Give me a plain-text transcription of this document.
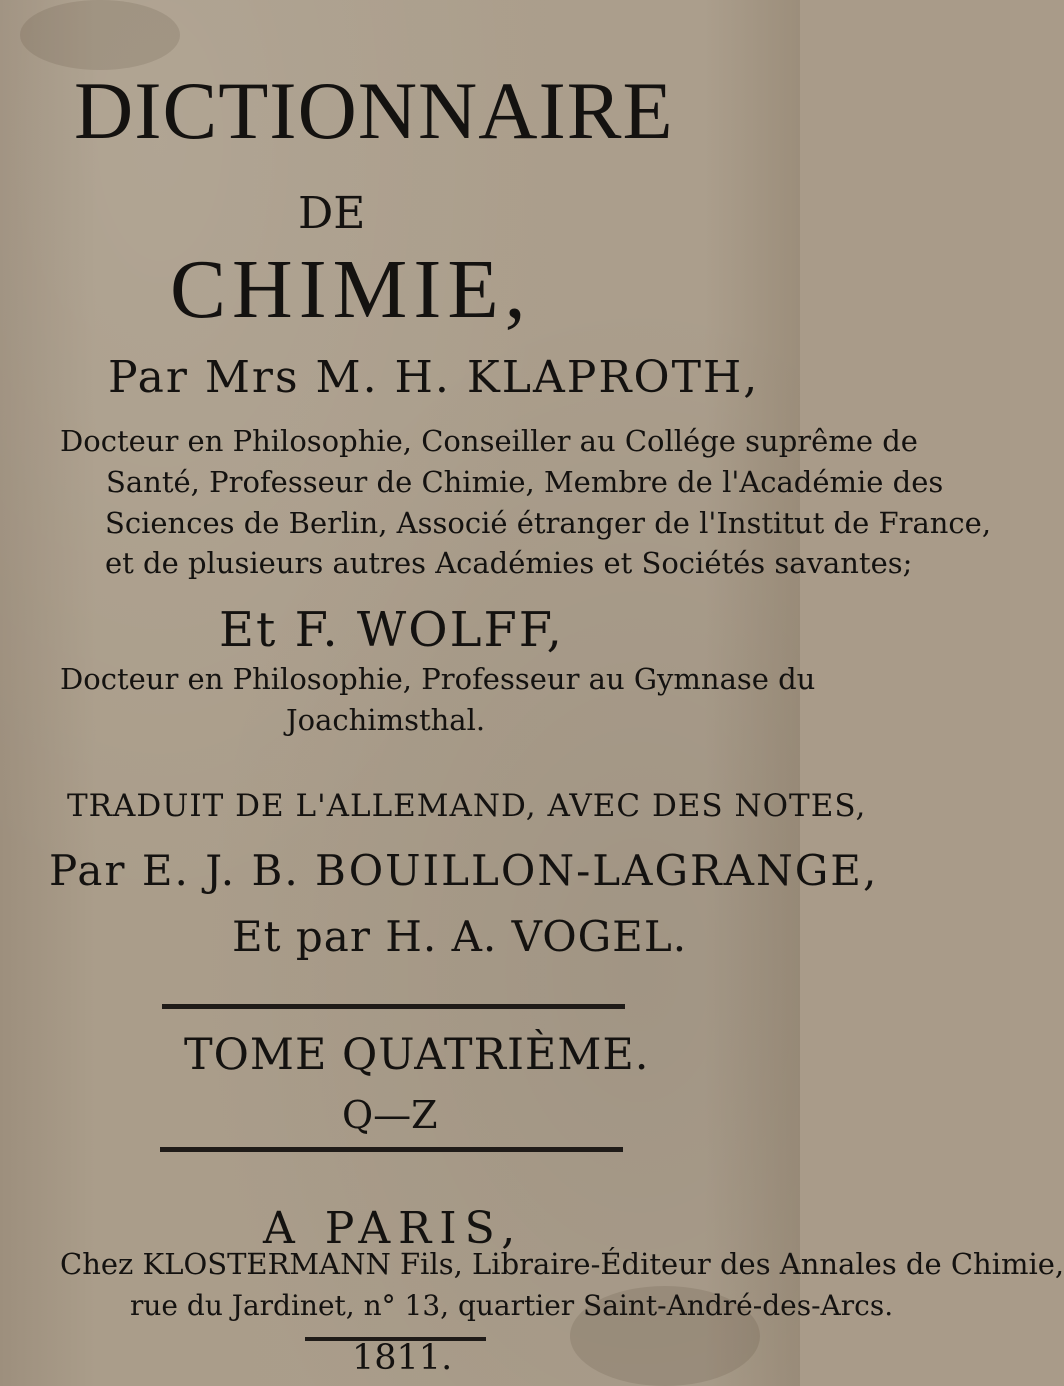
DICTIONNAIRE
DE
CHIMIE,
Par Mrs M. H. KLAPROTH,
Docteur en Philosophie, Conseiller au Collége suprême de
Santé, Professeur de Chimie, Membre de l'Académie des
Sciences de Berlin, Associé étranger de l'Institut de France,
et de plusieurs autres Académies et Sociétés savantes;
Et F. WOLFF,
Docteur en Philosophie, Professeur au Gymnase du
Joachimsthal.
TRADUIT DE L'ALLEMAND, AVEC DES NOTES,
Par E. J. B. BOUILLON-LAGRANGE,
Et par H. A. VOGEL.
TOME QUATRIÈME.
Q—Z
A PARIS,
Chez KLOSTERMANN Fils, Libraire-Éditeur des Annales de Chimie,
rue du Jardinet, n° 13, quartier Saint-André-des-Arcs.
1811.
